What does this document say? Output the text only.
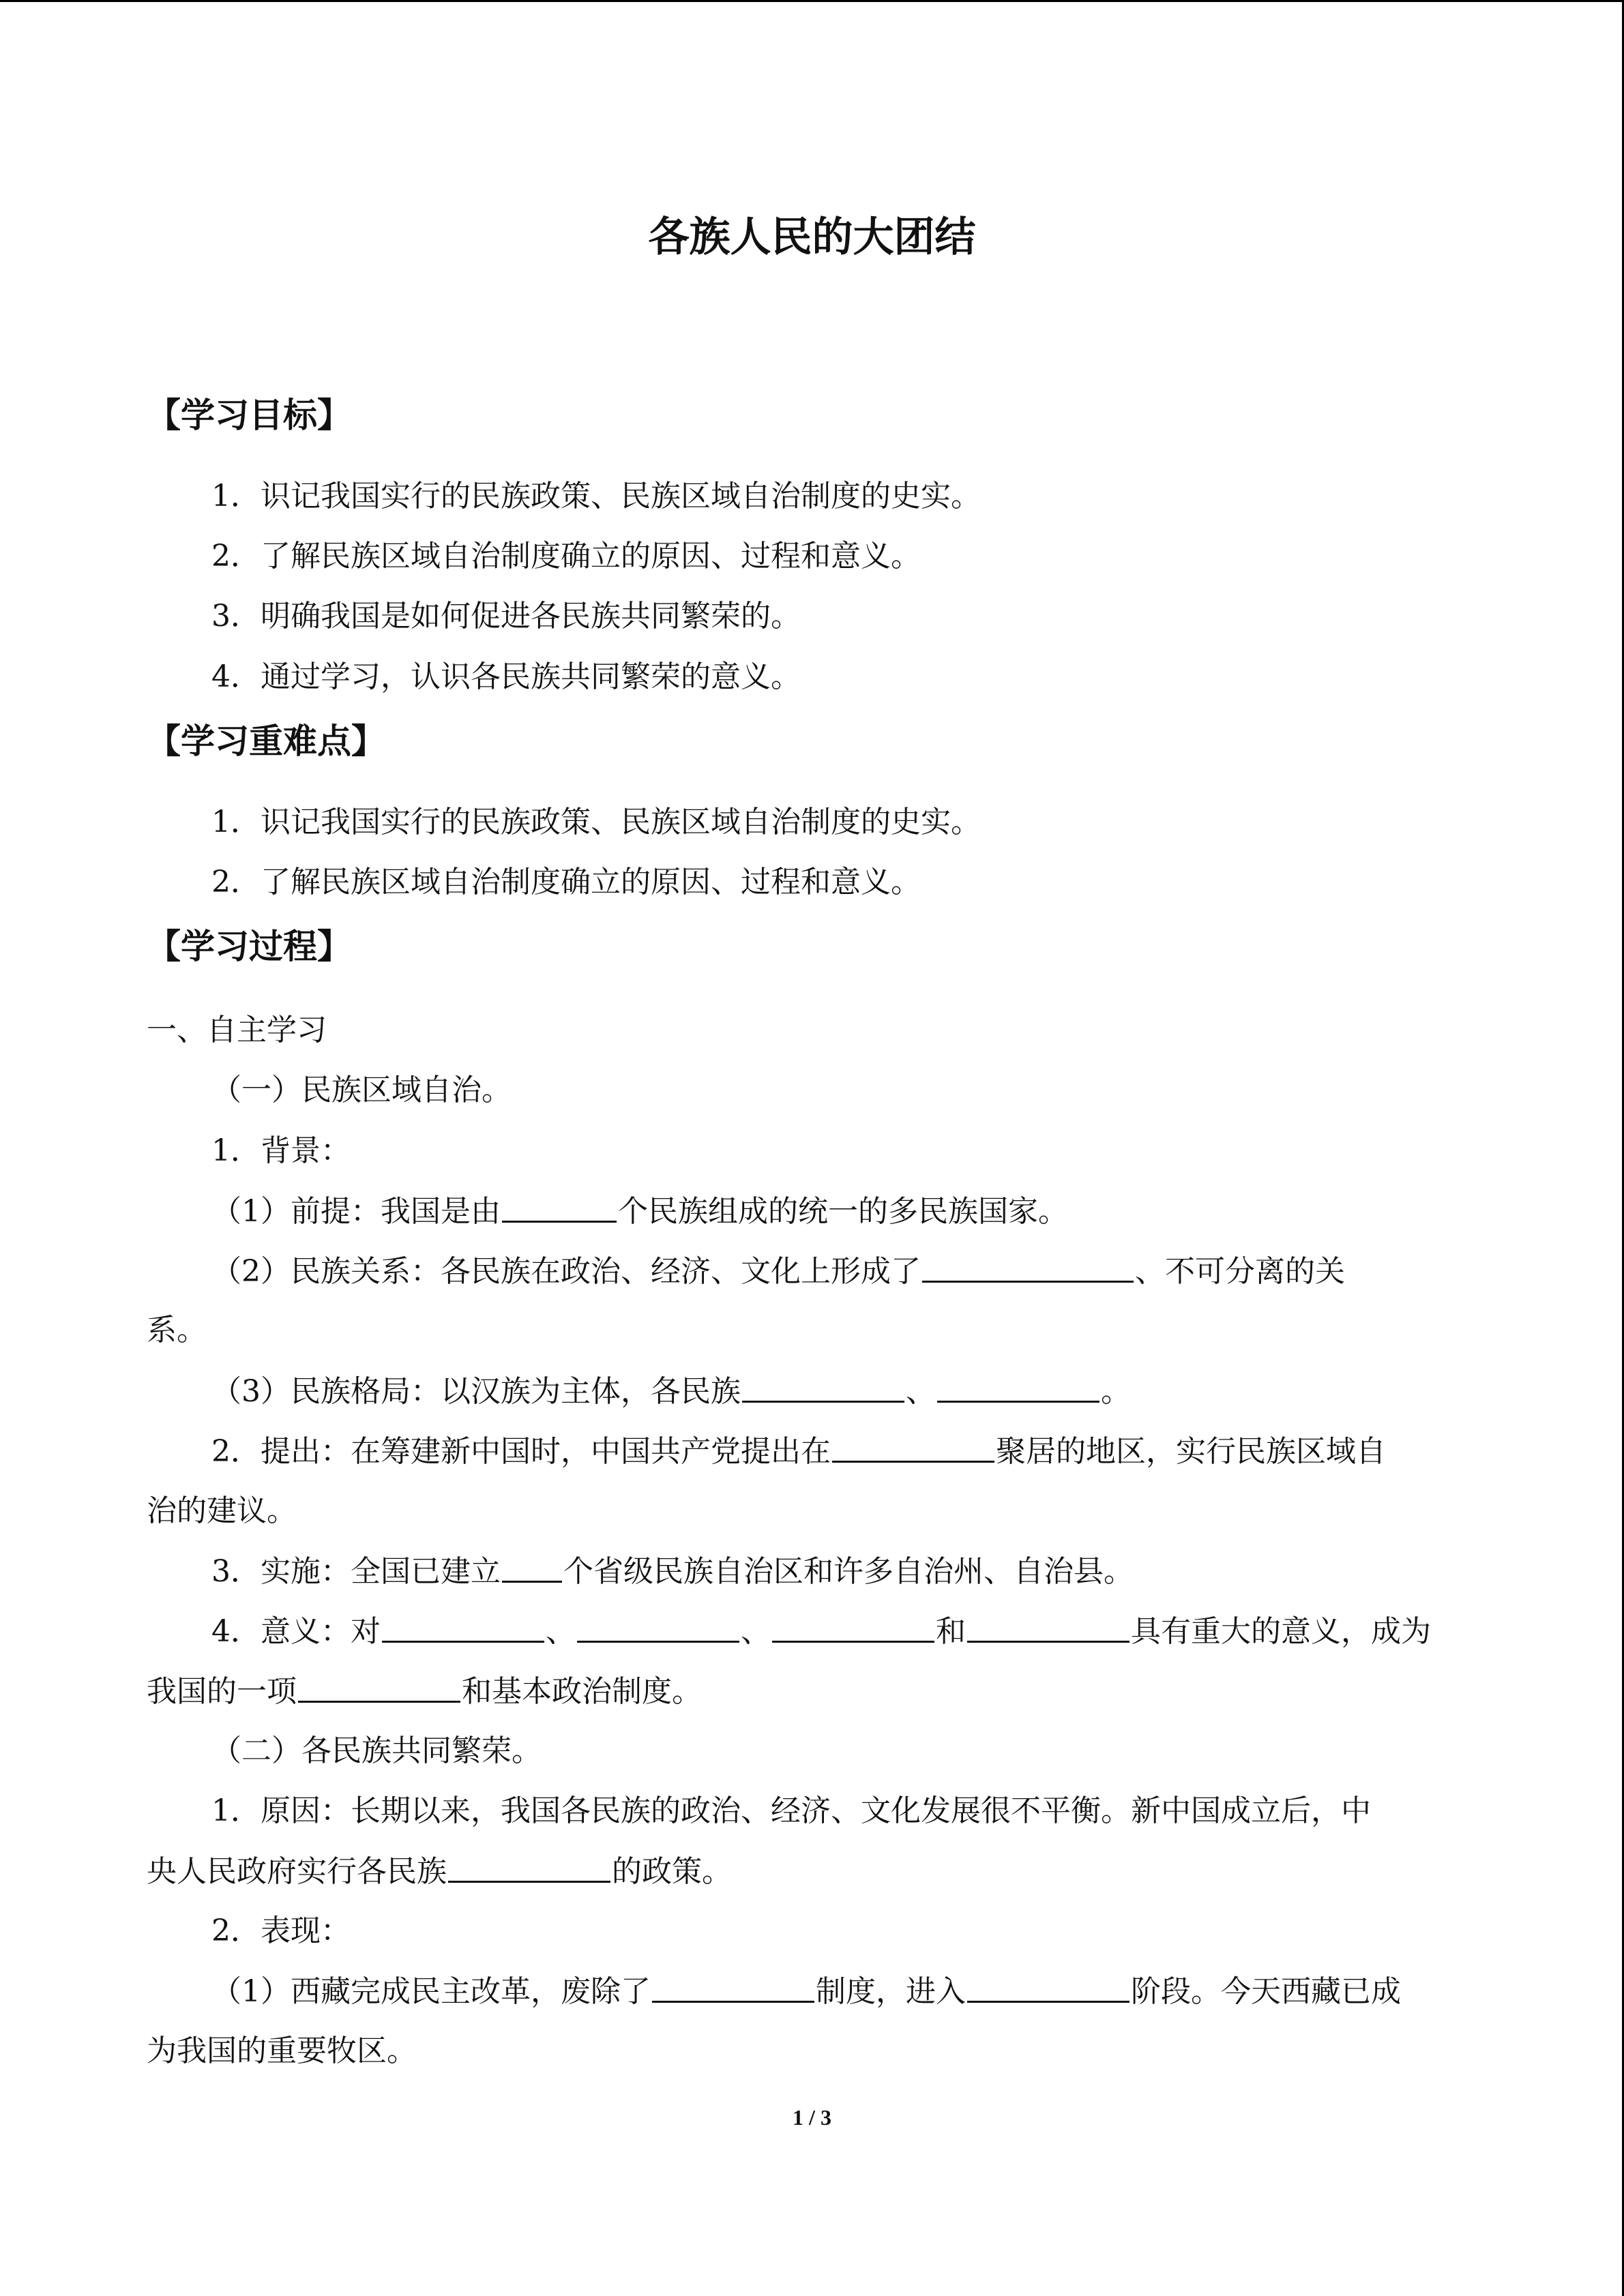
各族人民的大团结
【学习目标】
1．识记我国实行的民族政策、民族区域自治制度的史实。
2．了解民族区域自治制度确立的原因、过程和意义。
3．明确我国是如何促进各民族共同繁荣的。
4．通过学习，认识各民族共同繁荣的意义。
【学习重难点】
1．识记我国实行的民族政策、民族区域自治制度的史实。
2．了解民族区域自治制度确立的原因、过程和意义。
【学习过程】
一、自主学习
（一）民族区域自治。
1．背景：
（1）前提：我国是由	个民族组成的统一的多民族国家。
（2）民族关系：各民族在政治、经济、文化上形成了	、不可分离的关
系。
（3）民族格局：以汉族为主体，各民族	、	。
2．提出：在筹建新中国时，中国共产党提出在	聚居的地区，实行民族区域自
治的建议。
3．实施：全国已建立 个省级民族自治区和许多自治州、自治县。
4．意义：对	、	、	和	具有重大的意义，成为
我国的一项	和基本政治制度。
（二）各民族共同繁荣。
1．原因：长期以来，我国各民族的政治、经济、文化发展很不平衡。新中国成立后，中
央人民政府实行各民族	的政策。
2．表现：
（1）西藏完成民主改革，废除了	制度，进入	阶段。今天西藏已成
为我国的重要牧区。
1 / 3
